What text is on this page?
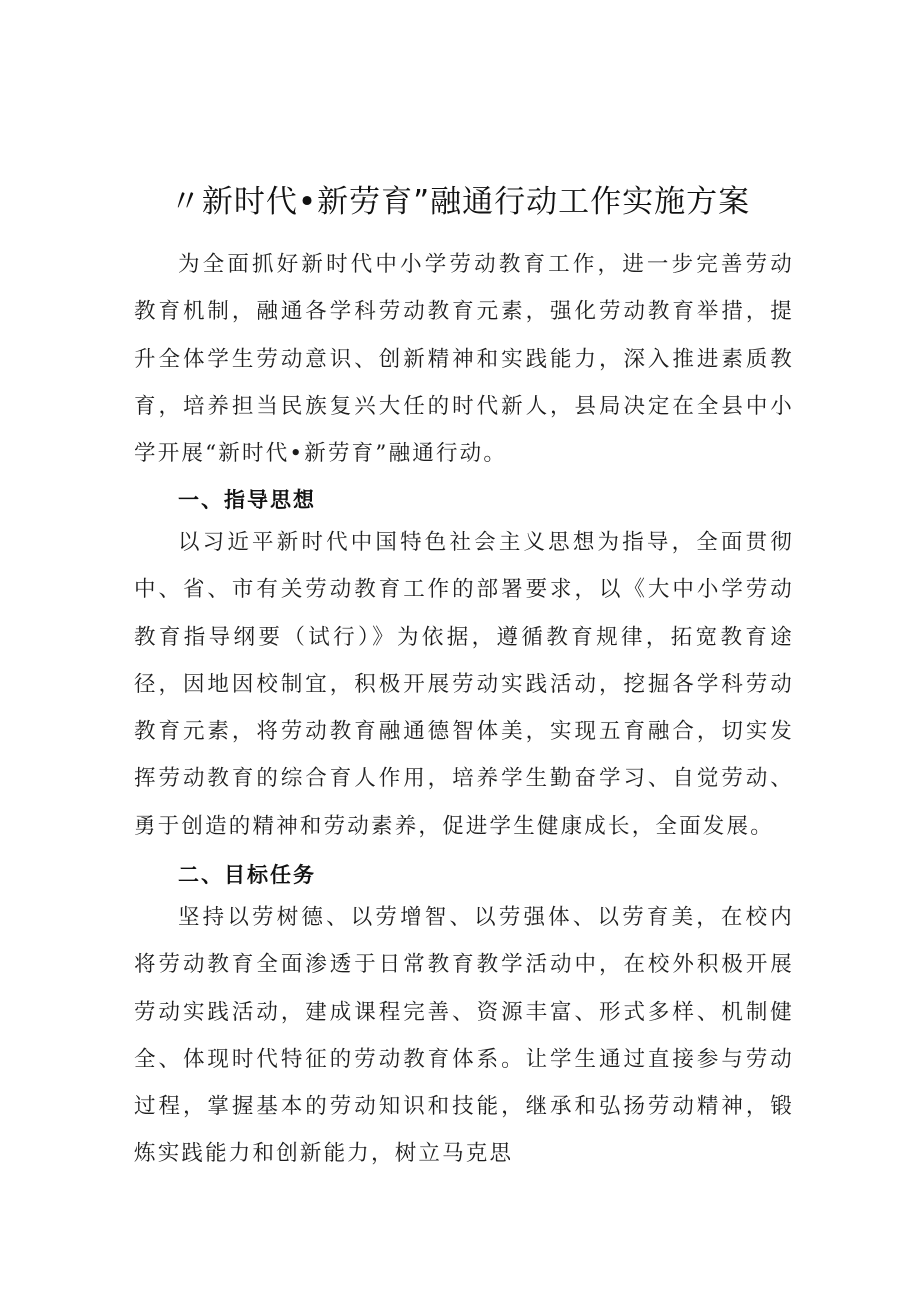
〃新时代•新劳育”融通行动工作实施方案

为全面抓好新时代中小学劳动教育工作，进一步完善劳动教育机制，融通各学科劳动教育元素，强化劳动教育举措，提升全体学生劳动意识、创新精神和实践能力，深入推进素质教育，培养担当民族复兴大任的时代新人，县局决定在全县中小学开展“新时代•新劳育”融通行动。

一、指导思想

以习近平新时代中国特色社会主义思想为指导，全面贯彻中、省、市有关劳动教育工作的部署要求，以《大中小学劳动教育指导纲要（试行）》为依据，遵循教育规律，拓宽教育途径，因地因校制宜，积极开展劳动实践活动，挖掘各学科劳动教育元素，将劳动教育融通德智体美，实现五育融合，切实发挥劳动教育的综合育人作用，培养学生勤奋学习、自觉劳动、勇于创造的精神和劳动素养，促进学生健康成长，全面发展。

二、目标任务

坚持以劳树德、以劳增智、以劳强体、以劳育美，在校内将劳动教育全面渗透于日常教育教学活动中，在校外积极开展劳动实践活动，建成课程完善、资源丰富、形式多样、机制健全、体现时代特征的劳动教育体系。让学生通过直接参与劳动过程，掌握基本的劳动知识和技能，继承和弘扬劳动精神，锻炼实践能力和创新能力，树立马克思
